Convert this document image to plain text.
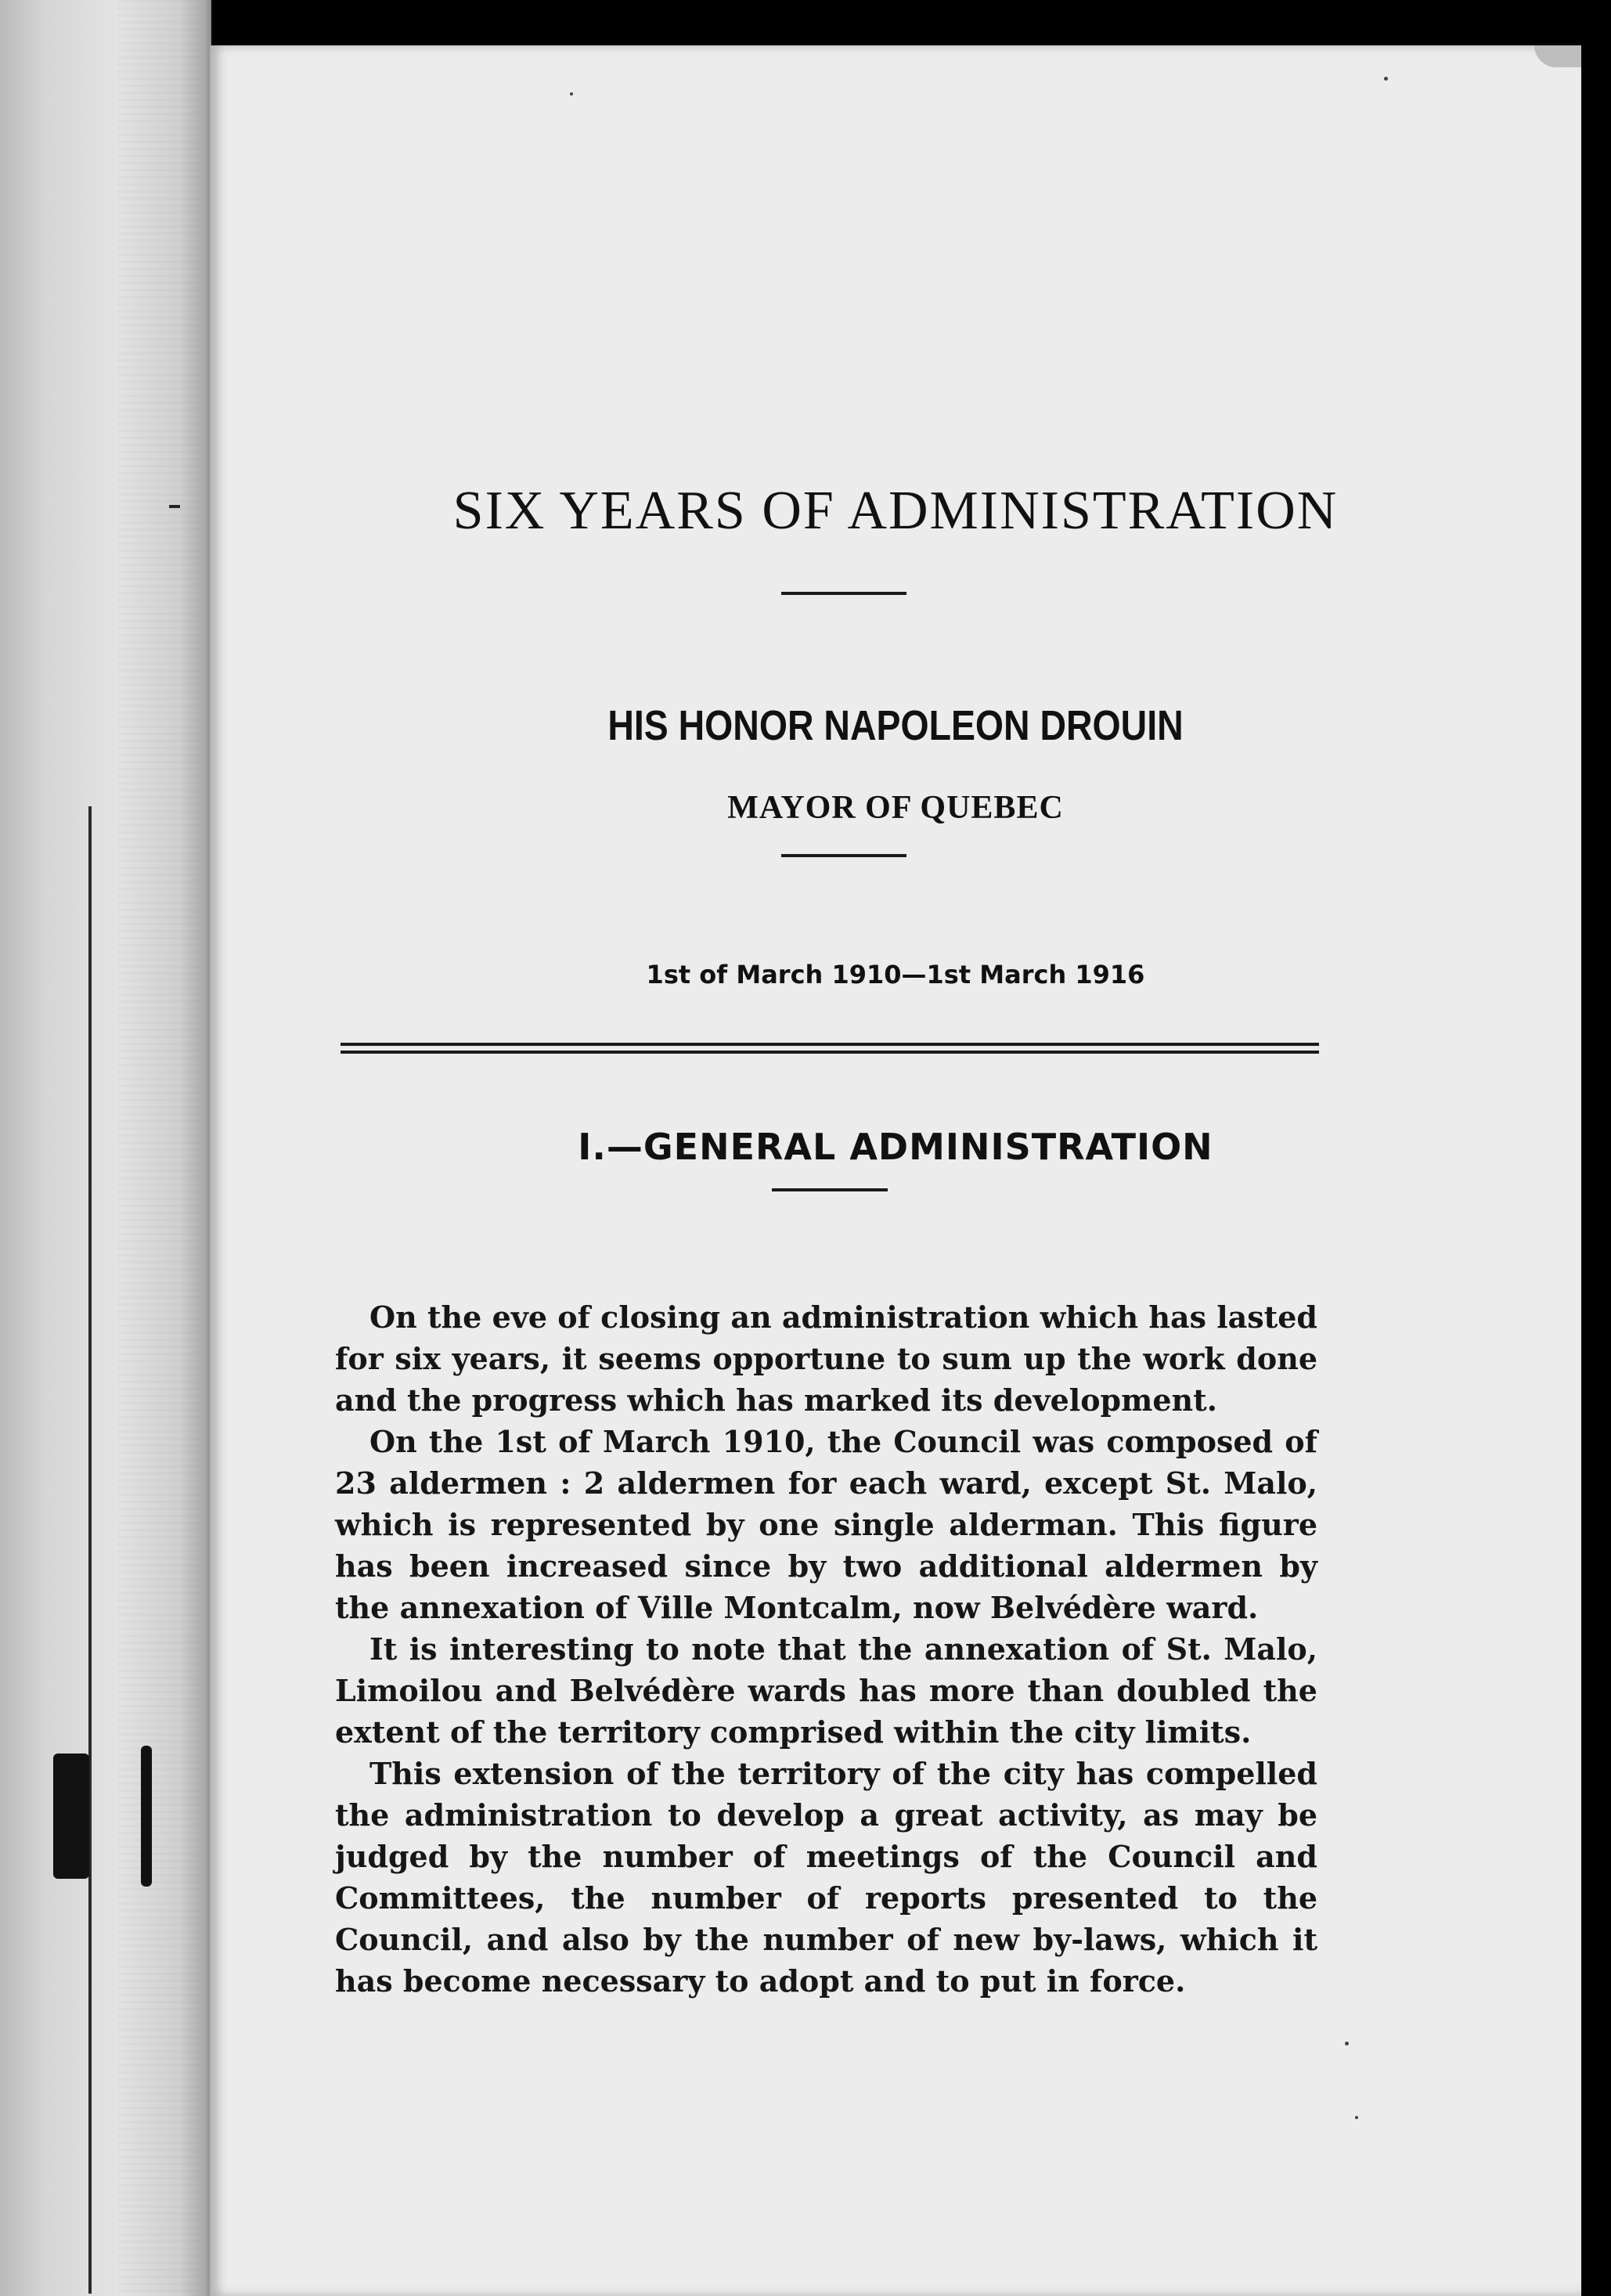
SIX YEARS OF ADMINISTRATION
HIS HONOR NAPOLEON DROUIN
MAYOR OF QUEBEC
1st of March 1910—1st March 1916
I.—GENERAL ADMINISTRATION

On the eve of closing an administration which has lasted for six years, it seems opportune to sum up the work done and the progress which has marked its development.

On the 1st of March 1910, the Council was composed of 23 aldermen : 2 aldermen for each ward, except St. Malo, which is represented by one single alderman. This figure has been increased since by two additional aldermen by the annexation of Ville Montcalm, now Belvédère ward.

It is interesting to note that the annexation of St. Malo, Limoilou and Belvédère wards has more than doubled the extent of the territory comprised within the city limits.

This extension of the territory of the city has compelled the administration to develop a great activity, as may be judged by the number of meetings of the Council and Committees, the number of reports presented to the Council, and also by the number of new by-laws, which it has become necessary to adopt and to put in force.
